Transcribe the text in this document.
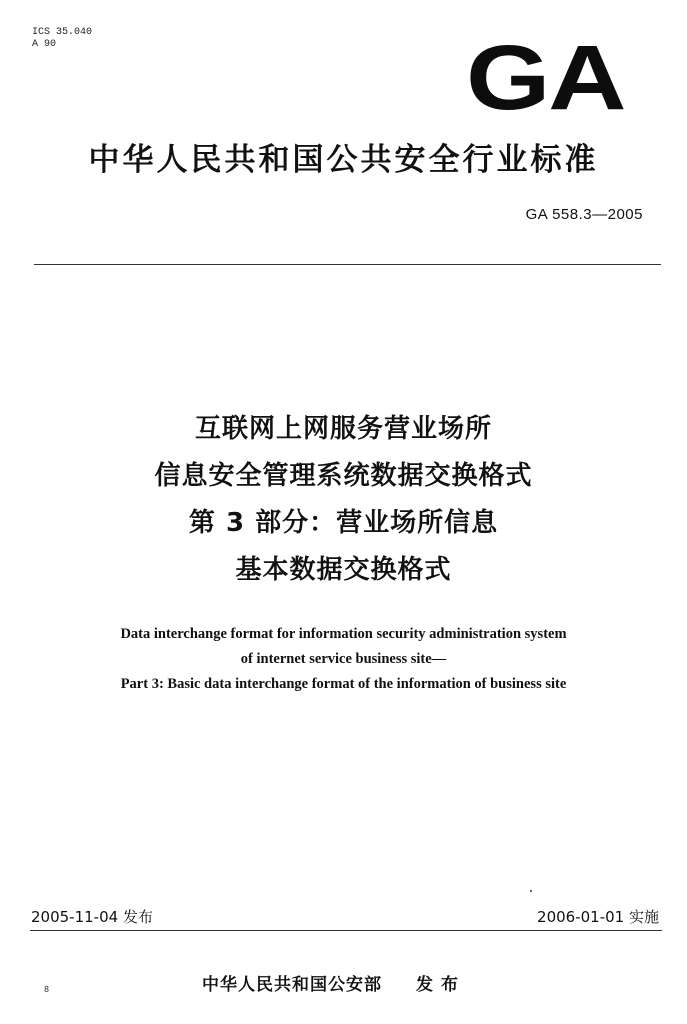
ICS 35.040
A 90	GA
中华人民共和国公共安全行业标准
GA 558.3—2005
互联网上网服务营业场所
信息安全管理系统数据交换格式
第 3 部分：营业场所信息
基本数据交换格式
Data interchange format for information security administration system
of internet service business site—
Part 3: Basic data interchange format of the information of business site
2005-11-04 发布	2006-01-01 实施
8	中华人民共和国公安部 发布
